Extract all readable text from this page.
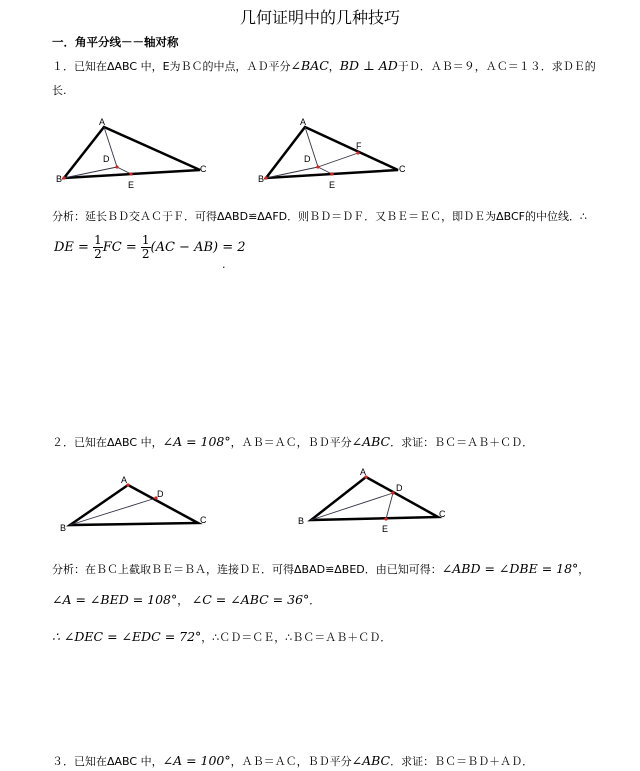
几何证明中的几种技巧
一．角平分线－－轴对称
１．已知在ΔABC 中，E为ＢＣ的中点，ＡＤ平分∠BAC，BD ⊥ AD于Ｄ．ＡＢ＝９，ＡＣ＝１３．求ＤＥ的
长.
A
D
B
E
C
A
F
D
B
E
C
分析：延长ＢＤ交ＡＣ于Ｆ．可得ΔABD≌ΔAFD．则ＢＤ＝ＤＦ．又ＢＥ＝ＥＣ，即ＤＥ为ΔBCF的中位线．∴
DE = $\frac{1}{2}$ FC = $\frac{1}{2} (AC - AB) = 2$
.
２．已知在ΔABC 中，∠A = 108°，ＡＢ＝ＡＣ，ＢＤ平分∠ABC．求证：ＢＣ＝ＡＢ＋ＣＤ．
A
D
B
C
A
D
B
E
C
分析：在ＢＣ上截取ＢＥ＝ＢＡ，连接ＤＥ．可得ΔBAD≌ΔBED．由已知可得：∠ABD = ∠DBE = 18°，
∠A = ∠BED = 108°， ∠C = ∠ABC = 36°．
∴ ∠DEC = ∠EDC = 72°，∴ＣＤ＝ＣＥ，∴ＢＣ＝ＡＢ＋ＣＤ．
３．已知在ΔABC 中，∠A = 100°，ＡＢ＝ＡＣ，ＢＤ平分∠ABC．求证：ＢＣ＝ＢＤ＋ＡＤ．
